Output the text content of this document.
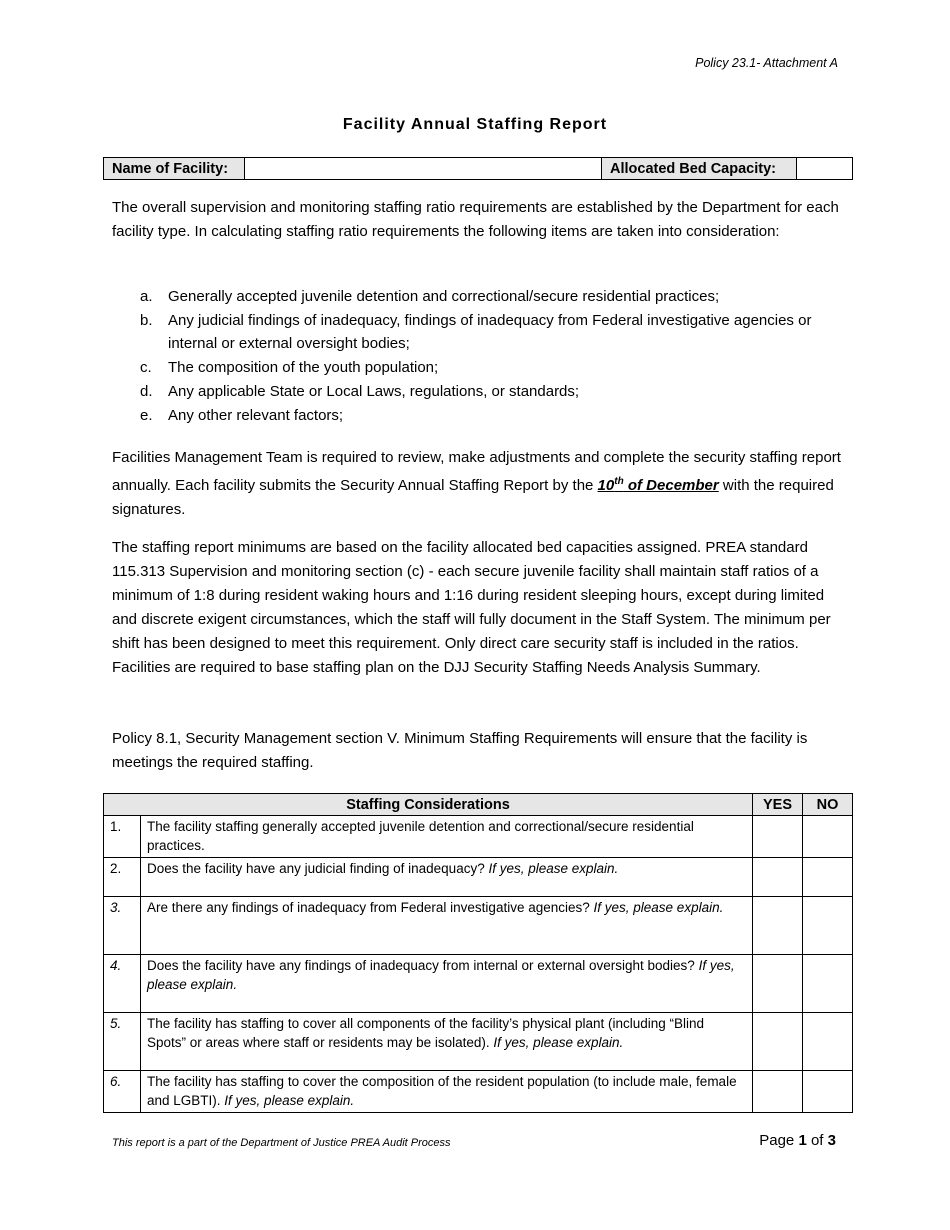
Policy 23.1- Attachment A
Facility Annual Staffing Report
Name of Facility:		Allocated Bed Capacity:	
The overall supervision and monitoring staffing ratio requirements are established by the Department for each facility type. In calculating staffing ratio requirements the following items are taken into consideration:
a.	Generally accepted juvenile detention and correctional/secure residential practices;
b.	Any judicial findings of inadequacy, findings of inadequacy from Federal investigative agencies or internal or external oversight bodies;
c.	The composition of the youth population;
d.	Any applicable State or Local Laws, regulations, or standards;
e.	Any other relevant factors;
Facilities Management Team is required to review, make adjustments and complete the security staffing report annually. Each facility submits the Security Annual Staffing Report by the 10th of December with the required signatures.
The staffing report minimums are based on the facility allocated bed capacities assigned. PREA standard 115.313 Supervision and monitoring section (c) - each secure juvenile facility shall maintain staff ratios of a minimum of 1:8 during resident waking hours and 1:16 during resident sleeping hours, except during limited and discrete exigent circumstances, which the staff will fully document in the Staff System. The minimum per shift has been designed to meet this requirement. Only direct care security staff is included in the ratios. Facilities are required to base staffing plan on the DJJ Security Staffing Needs Analysis Summary.
Policy 8.1, Security Management section V. Minimum Staffing Requirements will ensure that the facility is meetings the required staffing.
Staffing Considerations		YES	NO
1.	The facility staffing generally accepted juvenile detention and correctional/secure residential practices.		
2.	Does the facility have any judicial finding of inadequacy? If yes, please explain.		
3.	Are there any findings of inadequacy from Federal investigative agencies? If yes, please explain.		
4.	Does the facility have any findings of inadequacy from internal or external oversight bodies? If yes, please explain.		
5.	The facility has staffing to cover all components of the facility’s physical plant (including “Blind Spots” or areas where staff or residents may be isolated). If yes, please explain.		
6.	The facility has staffing to cover the composition of the resident population (to include male, female and LGBTI). If yes, please explain.		
This report is a part of the Department of Justice PREA Audit Process	Page 1 of 3
